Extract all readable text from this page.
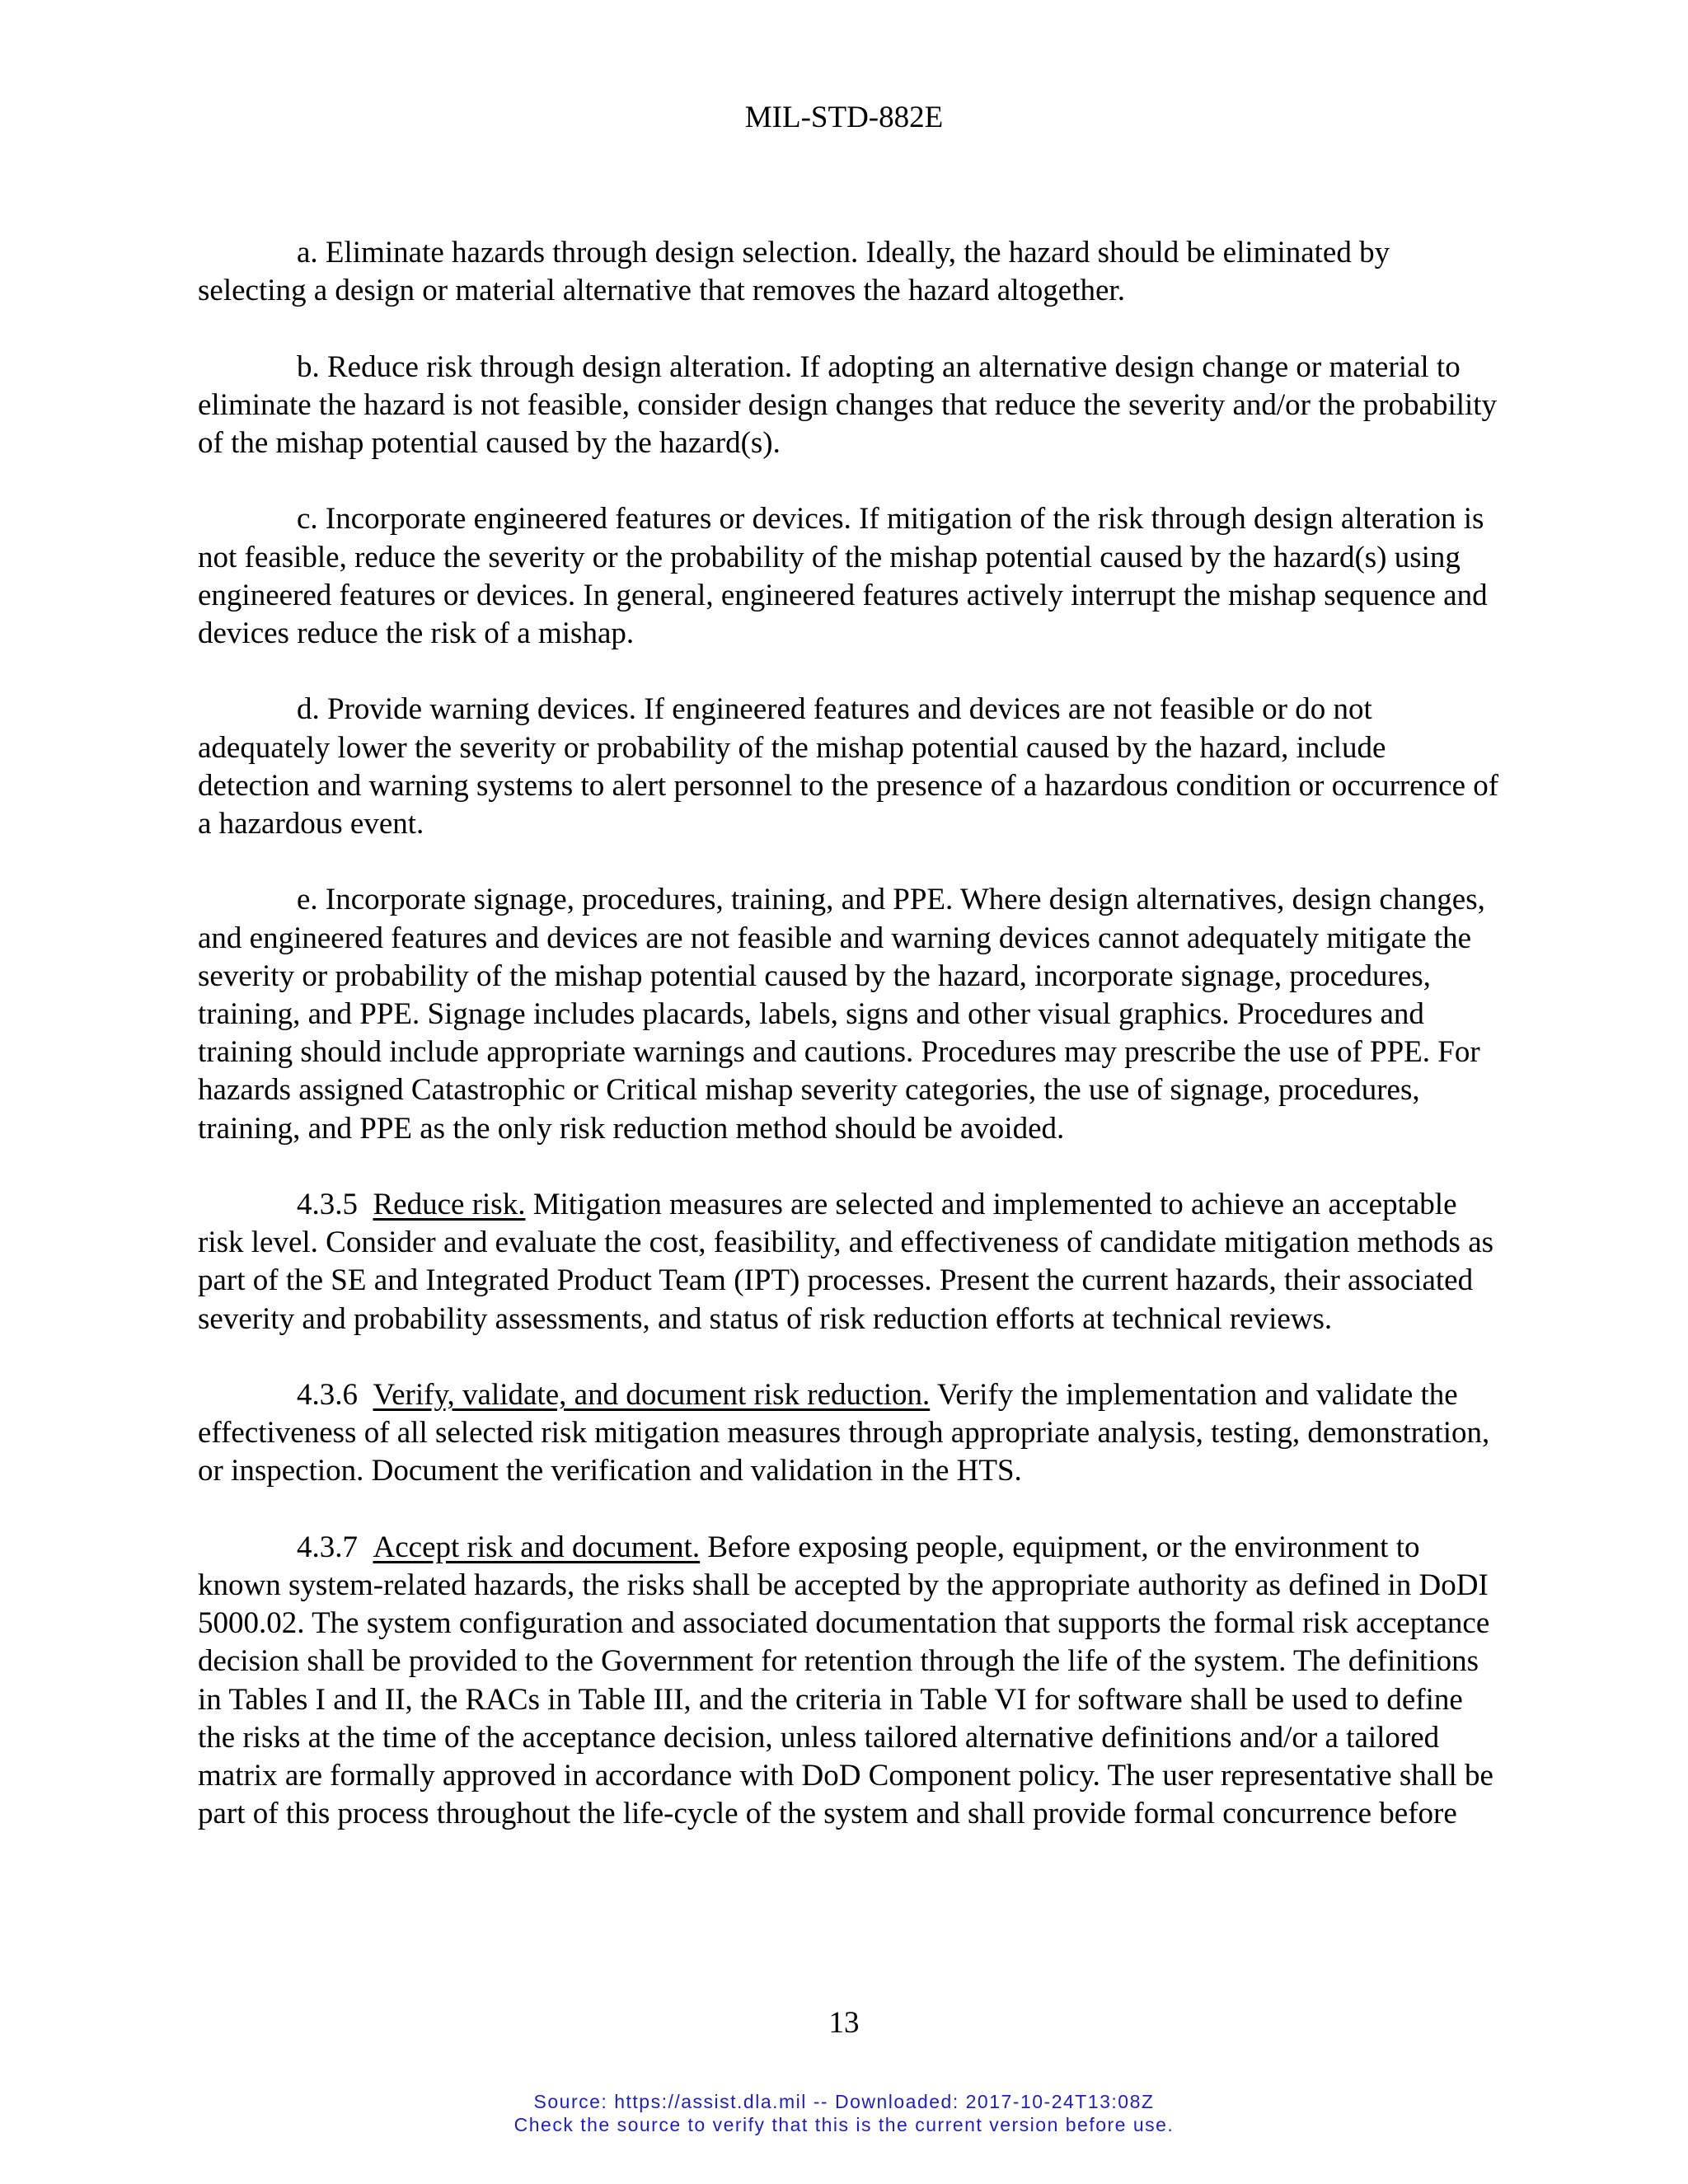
MIL-STD-882E

a. Eliminate hazards through design selection. Ideally, the hazard should be eliminated by selecting a design or material alternative that removes the hazard altogether.

b. Reduce risk through design alteration. If adopting an alternative design change or material to eliminate the hazard is not feasible, consider design changes that reduce the severity and/or the probability of the mishap potential caused by the hazard(s).

c. Incorporate engineered features or devices. If mitigation of the risk through design alteration is not feasible, reduce the severity or the probability of the mishap potential caused by the hazard(s) using engineered features or devices. In general, engineered features actively interrupt the mishap sequence and devices reduce the risk of a mishap.

d. Provide warning devices. If engineered features and devices are not feasible or do not adequately lower the severity or probability of the mishap potential caused by the hazard, include detection and warning systems to alert personnel to the presence of a hazardous condition or occurrence of a hazardous event.

e. Incorporate signage, procedures, training, and PPE. Where design alternatives, design changes, and engineered features and devices are not feasible and warning devices cannot adequately mitigate the severity or probability of the mishap potential caused by the hazard, incorporate signage, procedures, training, and PPE. Signage includes placards, labels, signs and other visual graphics. Procedures and training should include appropriate warnings and cautions. Procedures may prescribe the use of PPE. For hazards assigned Catastrophic or Critical mishap severity categories, the use of signage, procedures, training, and PPE as the only risk reduction method should be avoided.

4.3.5 Reduce risk. Mitigation measures are selected and implemented to achieve an acceptable risk level. Consider and evaluate the cost, feasibility, and effectiveness of candidate mitigation methods as part of the SE and Integrated Product Team (IPT) processes. Present the current hazards, their associated severity and probability assessments, and status of risk reduction efforts at technical reviews.

4.3.6 Verify, validate, and document risk reduction. Verify the implementation and validate the effectiveness of all selected risk mitigation measures through appropriate analysis, testing, demonstration, or inspection. Document the verification and validation in the HTS.

4.3.7 Accept risk and document. Before exposing people, equipment, or the environment to known system-related hazards, the risks shall be accepted by the appropriate authority as defined in DoDI 5000.02. The system configuration and associated documentation that supports the formal risk acceptance decision shall be provided to the Government for retention through the life of the system. The definitions in Tables I and II, the RACs in Table III, and the criteria in Table VI for software shall be used to define the risks at the time of the acceptance decision, unless tailored alternative definitions and/or a tailored matrix are formally approved in accordance with DoD Component policy. The user representative shall be part of this process throughout the life-cycle of the system and shall provide formal concurrence before

13
Source: https://assist.dla.mil -- Downloaded: 2017-10-24T13:08Z
Check the source to verify that this is the current version before use.
